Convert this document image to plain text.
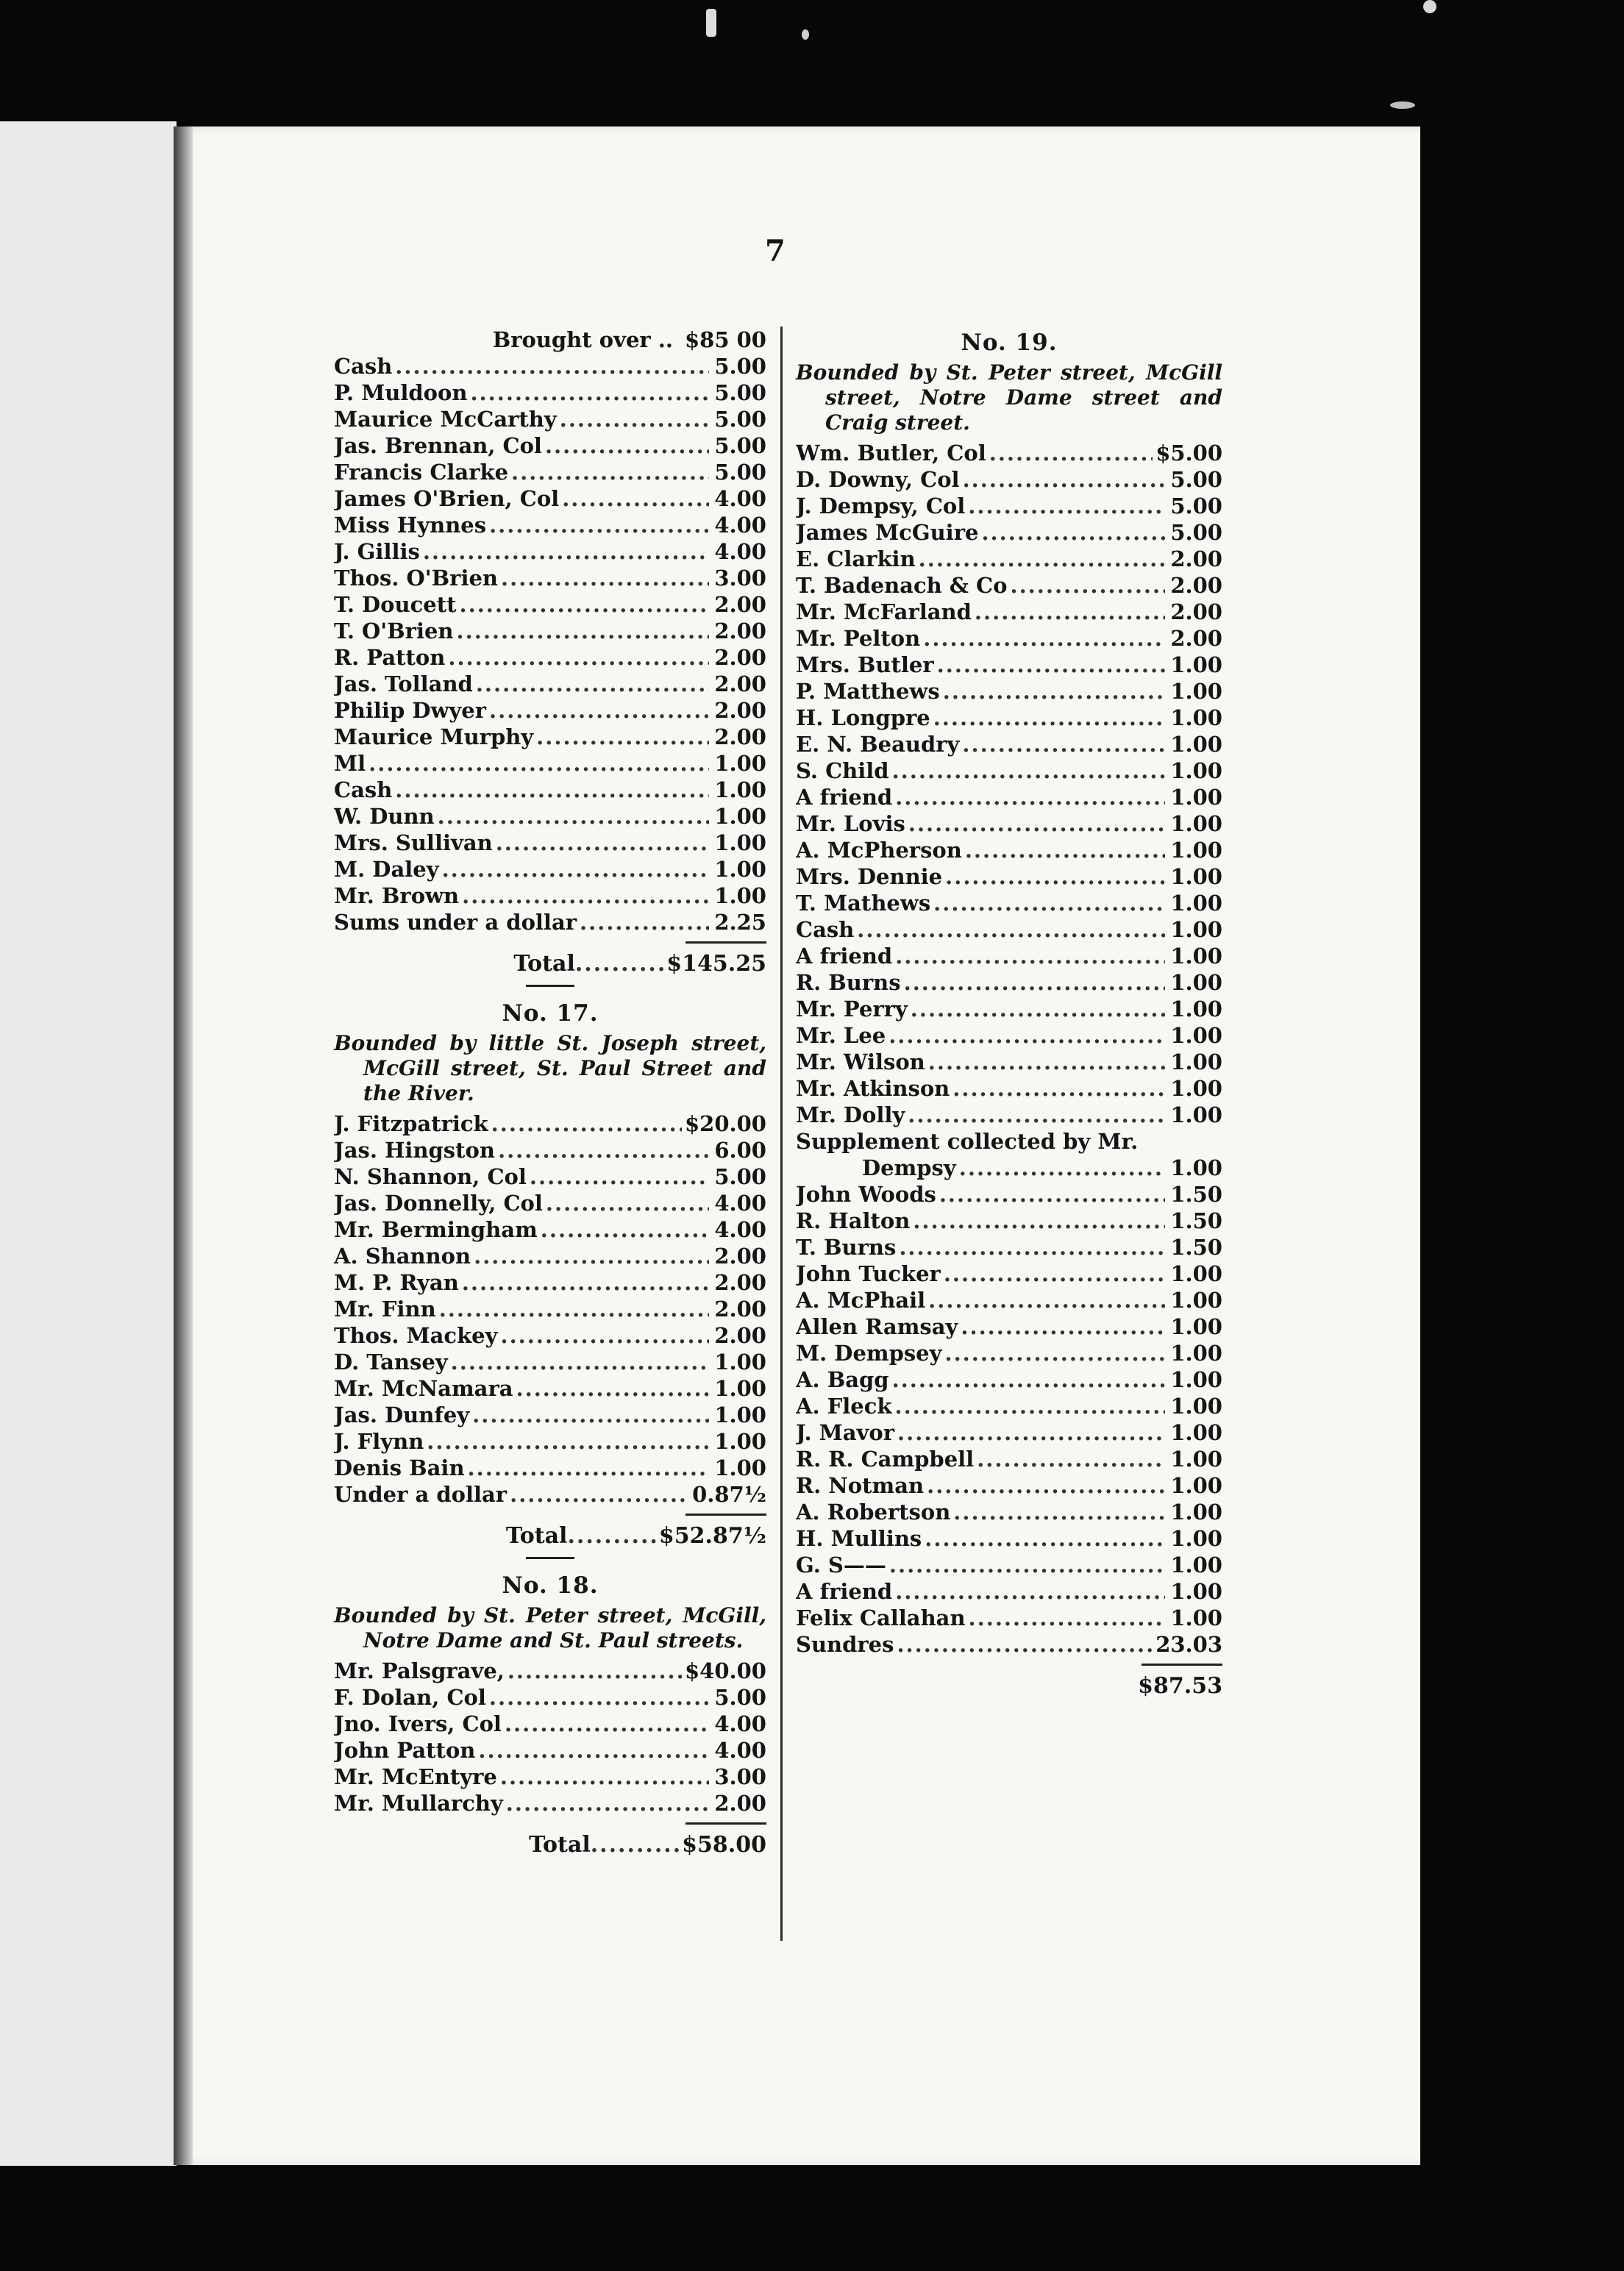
7
Brought over .. $85 00
Cash .....	5.00
P. Muldoon .....	5.00
Maurice McCarthy .....	5.00
Jas. Brennan, Col .....	5.00
Francis Clarke .....	5.00
James O'Brien, Col .....	4.00
Miss Hynnes .....	4.00
J. Gillis .....	4.00
Thos. O'Brien .....	3.00
T. Doucett .....	2.00
T. O'Brien .....	2.00
R. Patton .....	2.00
Jas. Tolland .....	2.00
Philip Dwyer .....	2.00
Maurice Murphy .....	2.00
Ml .....	1.00
Cash .....	1.00
W. Dunn .....	1.00
Mrs. Sullivan .....	1.00
M. Daley .....	1.00
Mr. Brown .....	1.00
Sums under a dollar .....	2.25
Total .....	$145.25
No. 17.
Bounded by little St. Joseph street, McGill street, St. Paul Street and the River.
J. Fitzpatrick .....	$20.00
Jas. Hingston .....	6.00
N. Shannon, Col .....	5.00
Jas. Donnelly, Col .....	4.00
Mr. Bermingham .....	4.00
A. Shannon .....	2.00
M. P. Ryan .....	2.00
Mr. Finn .....	2.00
Thos. Mackey .....	2.00
D. Tansey .....	1.00
Mr. McNamara .....	1.00
Jas. Dunfey .....	1.00
J. Flynn .....	1.00
Denis Bain .....	1.00
Under a dollar .....	0.87½
Total .....	$52.87½
No. 18.
Bounded by St. Peter street, McGill, Notre Dame and St. Paul streets.
Mr. Palsgrave, .....	$40.00
F. Dolan, Col .....	5.00
Jno. Ivers, Col .....	4.00
John Patton .....	4.00
Mr. McEntyre .....	3.00
Mr. Mullarchy .....	2.00
Total .....	$58.00
No. 19.
Bounded by St. Peter street, McGill street, Notre Dame street and Craig street.
Wm. Butler, Col .....	$5.00
D. Downy, Col .....	5.00
J. Dempsy, Col .....	5.00
James McGuire .....	5.00
E. Clarkin .....	2.00
T. Badenach & Co .....	2.00
Mr. McFarland .....	2.00
Mr. Pelton .....	2.00
Mrs. Butler .....	1.00
P. Matthews .....	1.00
H. Longpre .....	1.00
E. N. Beaudry .....	1.00
S. Child .....	1.00
A friend .....	1.00
Mr. Lovis .....	1.00
A. McPherson .....	1.00
Mrs. Dennie .....	1.00
T. Mathews .....	1.00
Cash .....	1.00
A friend .....	1.00
R. Burns .....	1.00
Mr. Perry .....	1.00
Mr. Lee .....	1.00
Mr. Wilson .....	1.00
Mr. Atkinson .....	1.00
Mr. Dolly .....	1.00
Supplement collected by Mr.
Dempsy .....	1.00
John Woods .....	1.50
R. Halton .....	1.50
T. Burns .....	1.50
John Tucker .....	1.00
A. McPhail .....	1.00
Allen Ramsay .....	1.00
M. Dempsey .....	1.00
A. Bagg .....	1.00
A. Fleck .....	1.00
J. Mavor .....	1.00
R. R. Campbell .....	1.00
R. Notman .....	1.00
A. Robertson .....	1.00
H. Mullins .....	1.00
G. S—— .....	1.00
A friend .....	1.00
Felix Callahan .....	1.00
Sundres .....	23.03
$87.53
